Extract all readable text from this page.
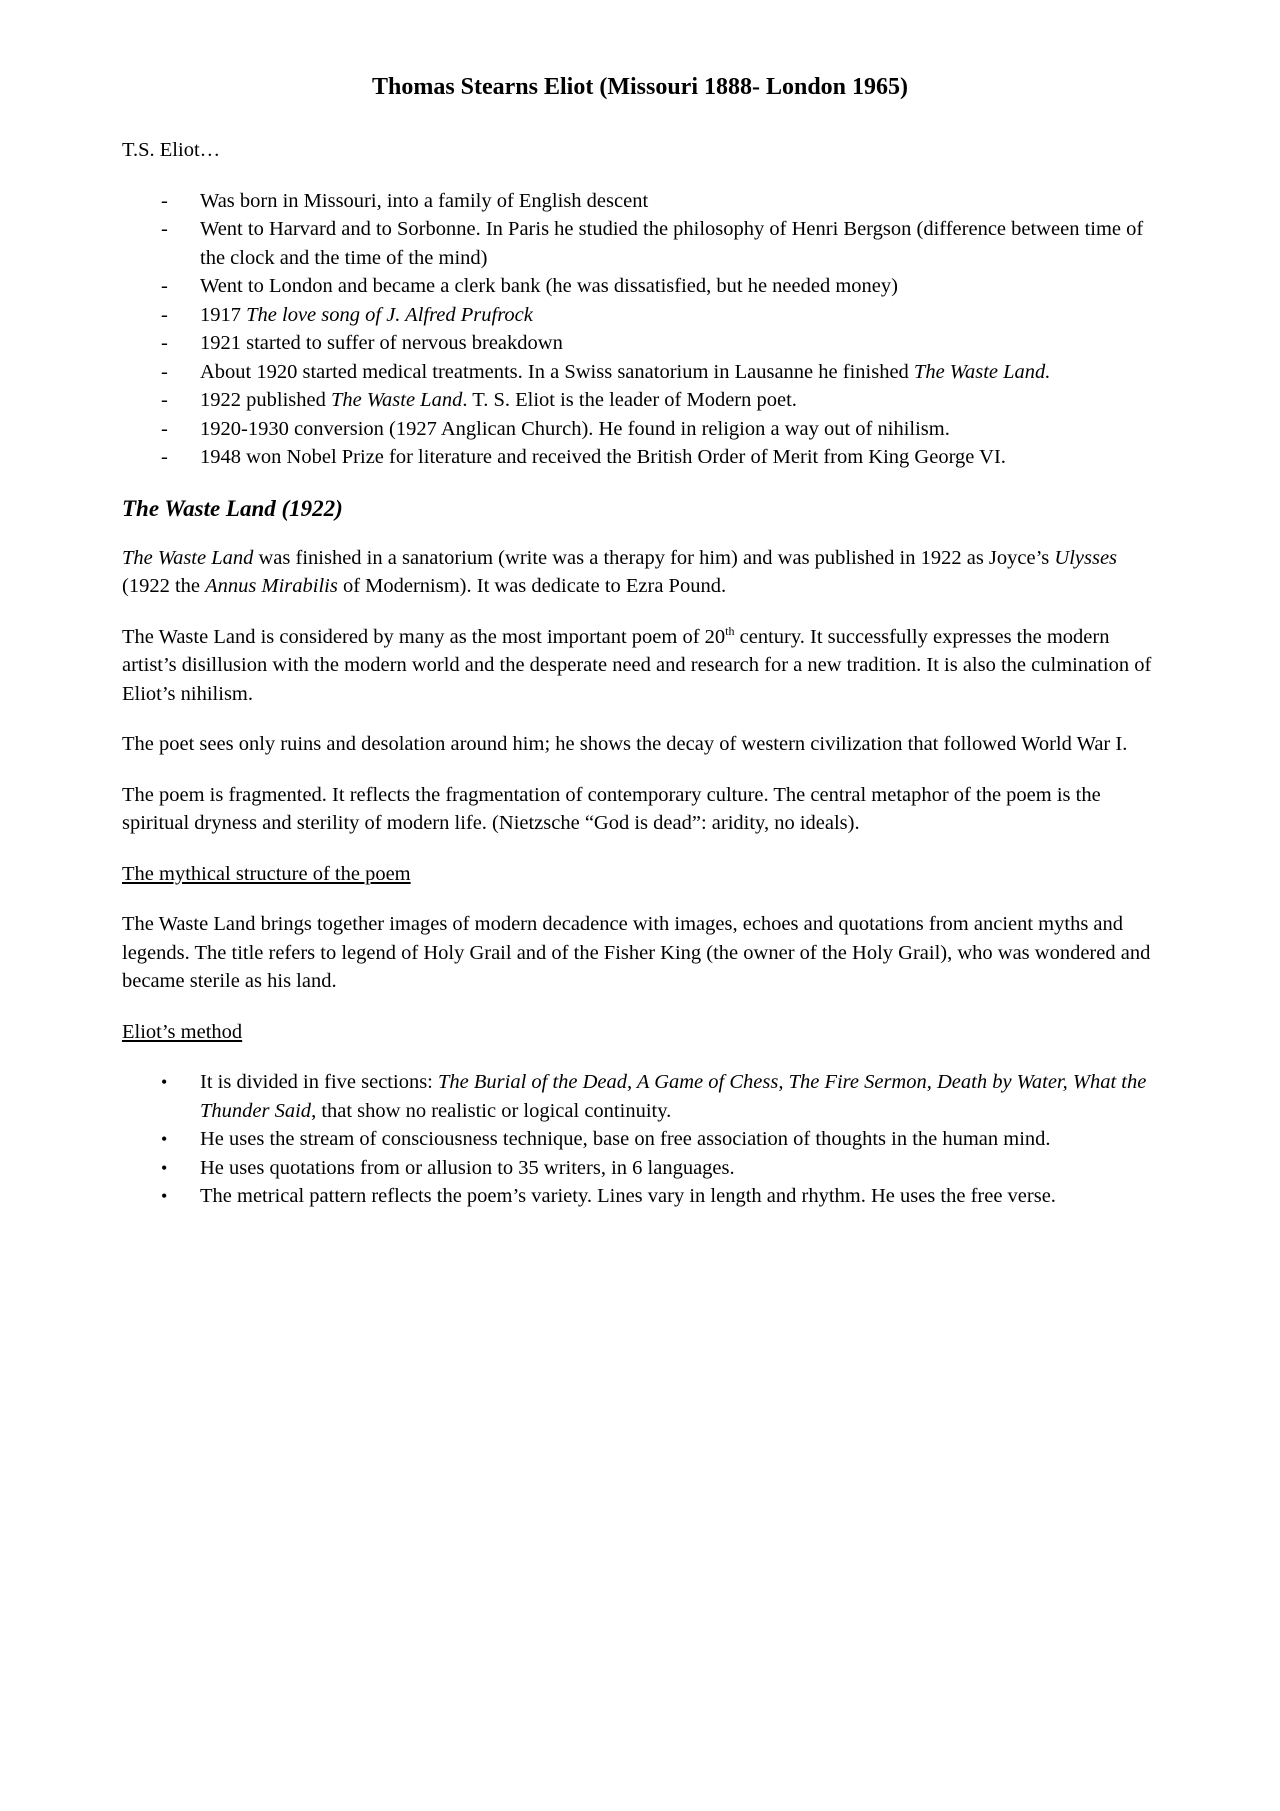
Thomas Stearns Eliot (Missouri 1888- London 1965)

T.S. Eliot…

- Was born in Missouri, into a family of English descent
- Went to Harvard and to Sorbonne. In Paris he studied the philosophy of Henri Bergson (difference between time of the clock and the time of the mind)
- Went to London and became a clerk bank (he was dissatisfied, but he needed money)
- 1917 The love song of J. Alfred Prufrock
- 1921 started to suffer of nervous breakdown
- About 1920 started medical treatments. In a Swiss sanatorium in Lausanne he finished The Waste Land.
- 1922 published The Waste Land. T. S. Eliot is the leader of Modern poet.
- 1920-1930 conversion (1927 Anglican Church). He found in religion a way out of nihilism.
- 1948 won Nobel Prize for literature and received the British Order of Merit from King George VI.
The Waste Land (1922)

The Waste Land was finished in a sanatorium (write was a therapy for him) and was published in 1922 as Joyce’s Ulysses (1922 the Annus Mirabilis of Modernism). It was dedicate to Ezra Pound.

The Waste Land is considered by many as the most important poem of 20th century. It successfully expresses the modern artist’s disillusion with the modern world and the desperate need and research for a new tradition. It is also the culmination of Eliot’s nihilism.

The poet sees only ruins and desolation around him; he shows the decay of western civilization that followed World War I.

The poem is fragmented. It reflects the fragmentation of contemporary culture. The central metaphor of the poem is the spiritual dryness and sterility of modern life. (Nietzsche “God is dead”: aridity, no ideals).

The mythical structure of the poem

The Waste Land brings together images of modern decadence with images, echoes and quotations from ancient myths and legends. The title refers to legend of Holy Grail and of the Fisher King (the owner of the Holy Grail), who was wondered and became sterile as his land.

Eliot’s method

• It is divided in five sections: The Burial of the Dead, A Game of Chess, The Fire Sermon, Death by Water, What the Thunder Said, that show no realistic or logical continuity.
• He uses the stream of consciousness technique, base on free association of thoughts in the human mind.
• He uses quotations from or allusion to 35 writers, in 6 languages.
• The metrical pattern reflects the poem’s variety. Lines vary in length and rhythm. He uses the free verse.
